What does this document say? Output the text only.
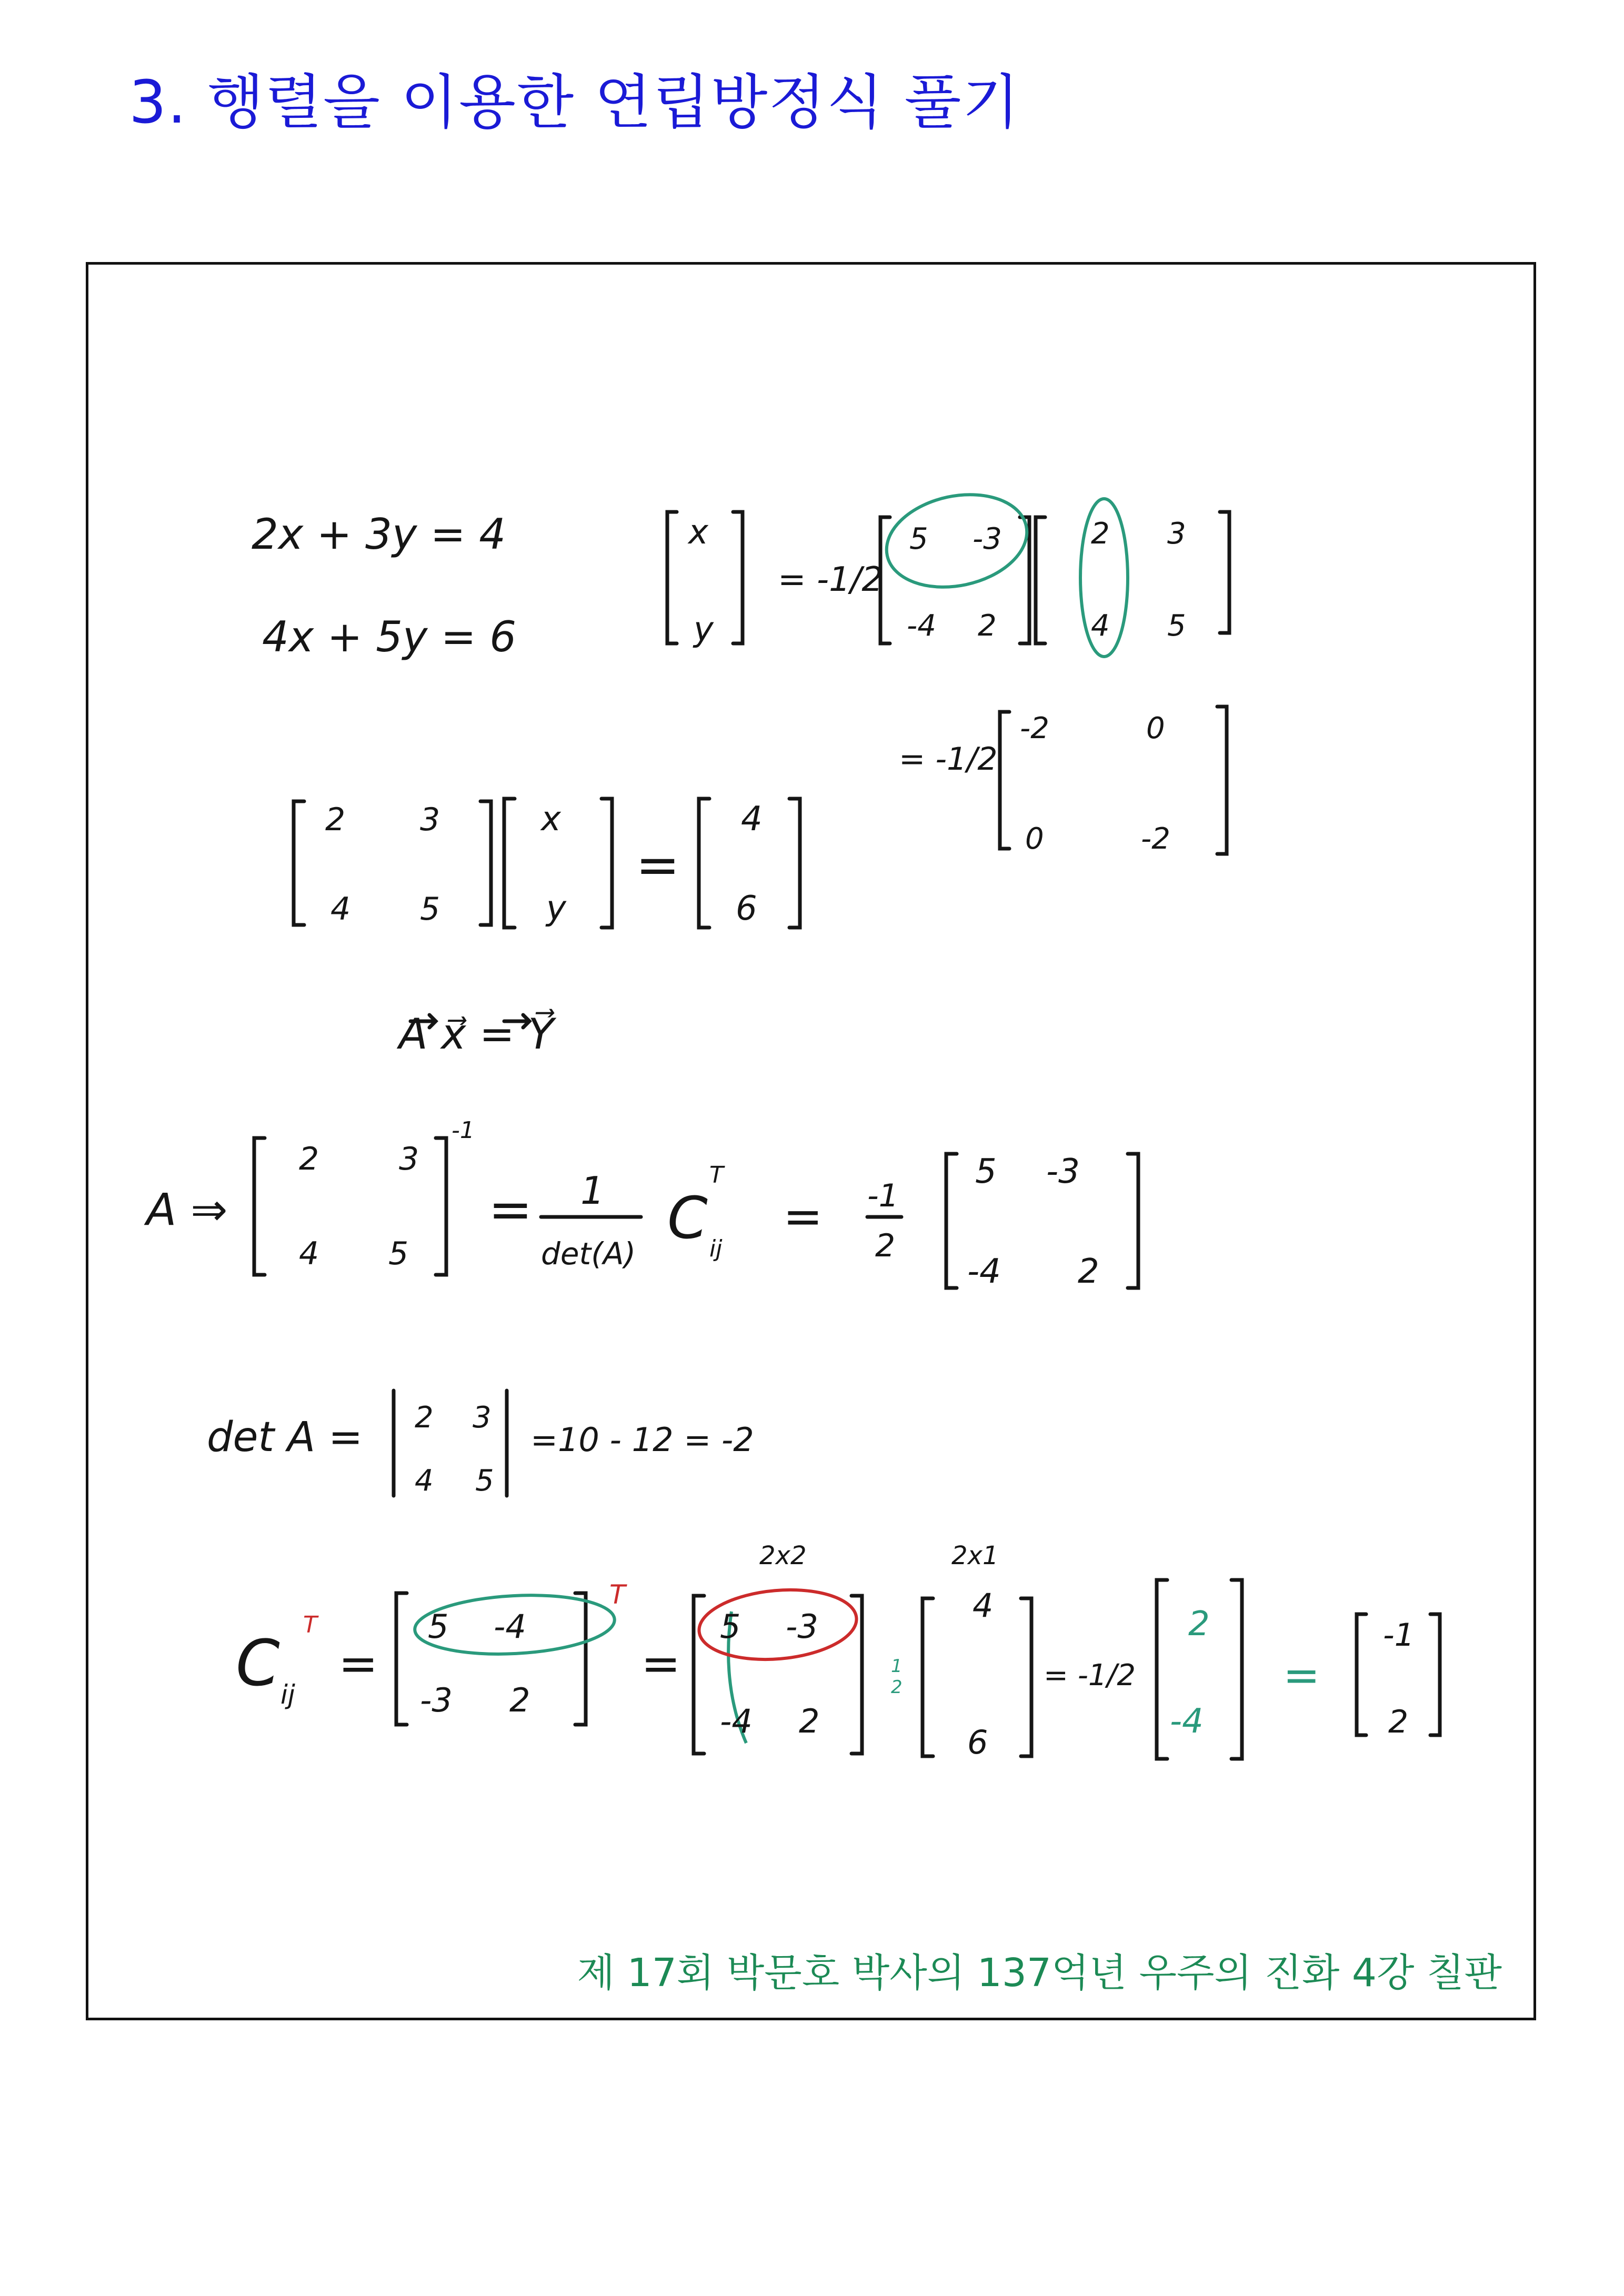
3. 행렬을 이용한 연립방정식 풀기
2x + 3y = 4
4x + 5y = 6
x
y
= -1/2
5 -3
-4 2
2 3
4 5
= -1/2
-2	0
0	-2
2 3
4 5
x
y
=
4
6
A x⃗ = Y⃗
A ⇒
2	3
4 5
-1
= 1
det(A)
C
T
ij
= -1
2
5 -3
-4 2
det A = 2 3
4 5
=10 - 12 = -2
2x2	2x1
C
T
ij
=
5 -4
-3 2
T
=
5 -3
-4 2
1
2
4
6
= -1/2
2
-4
=
-1
2
제 17회 박문호 박사의 137억년 우주의 진화 4강 칠판
